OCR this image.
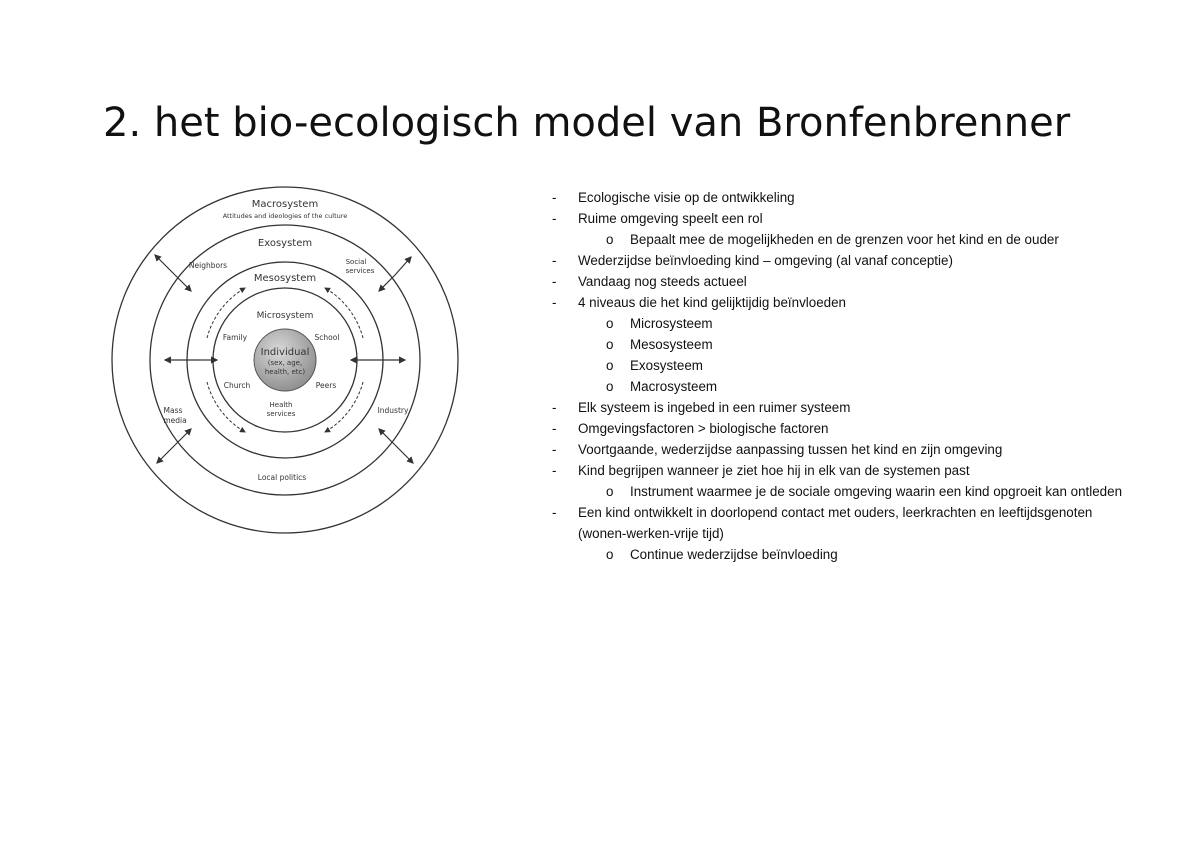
2. het bio-ecologisch model van Bronfenbrenner
Macrosystem
Attitudes and ideologies of the culture
Exosystem
Mesosystem
Microsystem
Individual
(sex, age,
health, etc)
Family	School
Church	Peers
Health
services
Neighbors	Social
services
Mass
media
Industry
Local politics
- Ecologische visie op de ontwikkeling
- Ruime omgeving speelt een rol
o Bepaalt mee de mogelijkheden en de grenzen voor het kind en de ouder
- Wederzijdse beïnvloeding kind – omgeving (al vanaf conceptie)
- Vandaag nog steeds actueel
- 4 niveaus die het kind gelijktijdig beïnvloeden
o Microsysteem
o Mesosysteem
o Exosysteem
o Macrosysteem
- Elk systeem is ingebed in een ruimer systeem
- Omgevingsfactoren > biologische factoren
- Voortgaande, wederzijdse aanpassing tussen het kind en zijn omgeving
- Kind begrijpen wanneer je ziet hoe hij in elk van de systemen past
o Instrument waarmee je de sociale omgeving waarin een kind opgroeit kan ontleden
- Een kind ontwikkelt in doorlopend contact met ouders, leerkrachten en leeftijdsgenoten
(wonen-werken-vrije tijd)
o Continue wederzijdse beïnvloeding
